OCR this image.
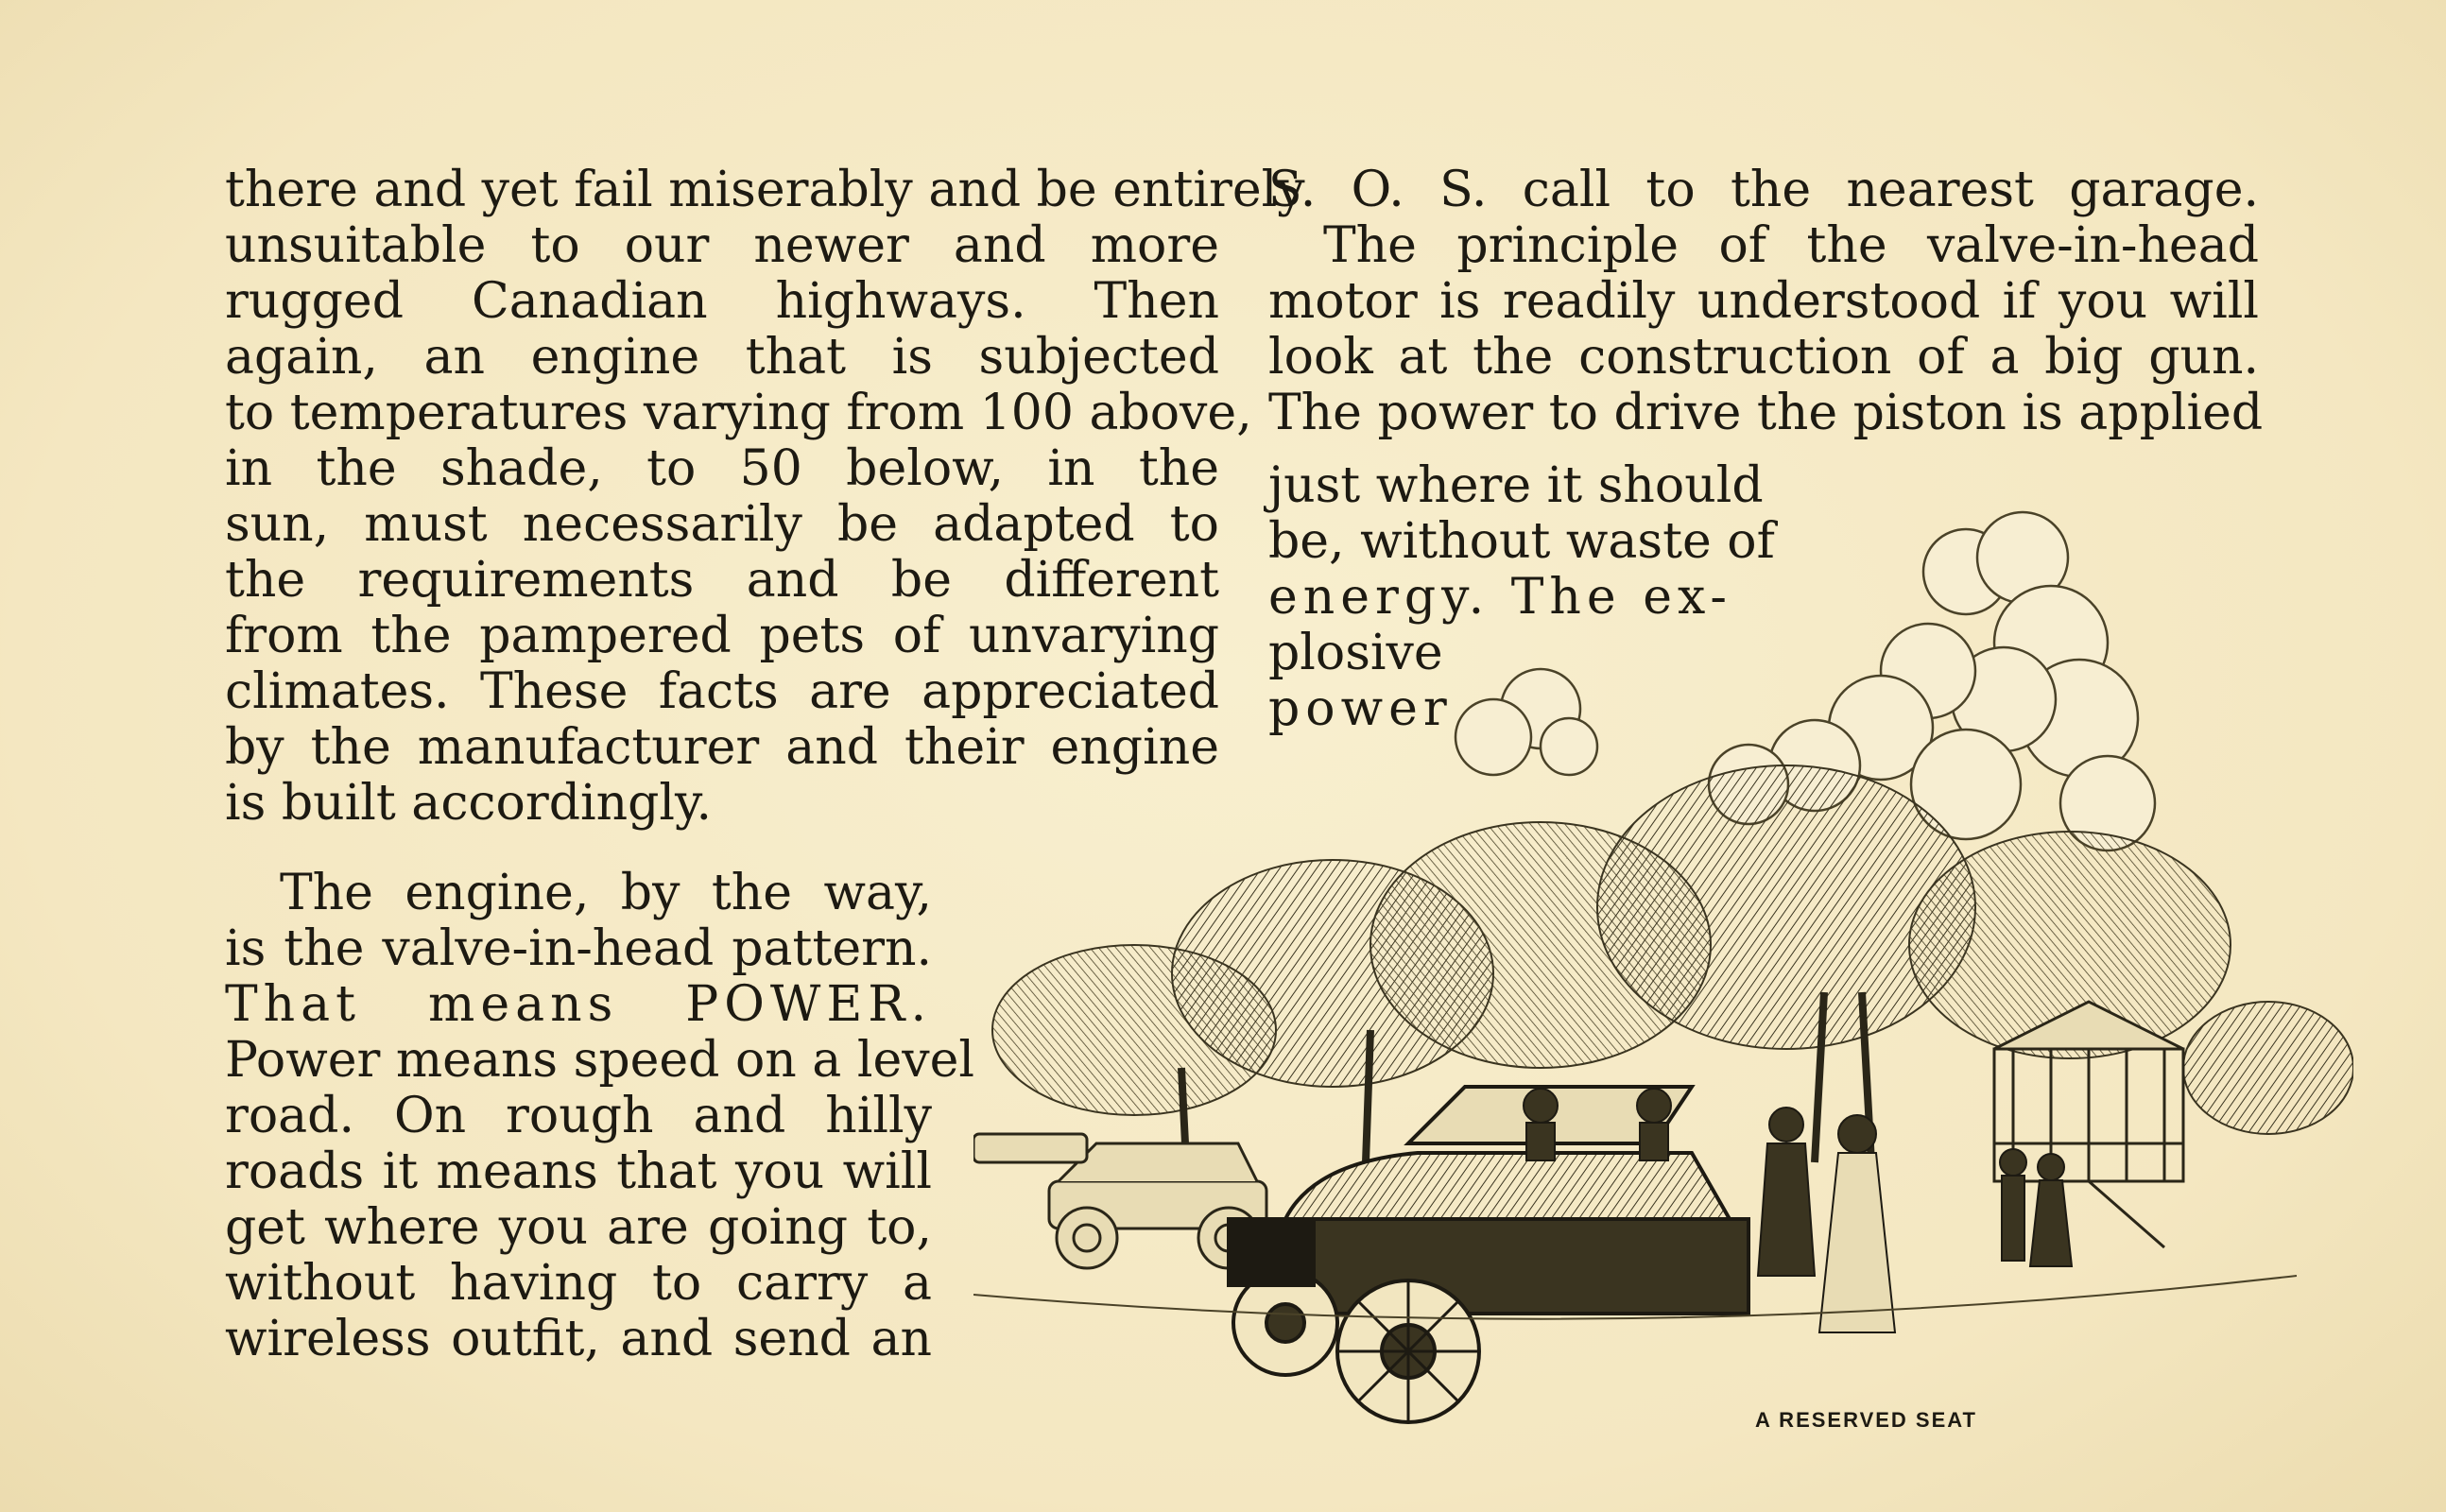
there and yet fail miserably and be entirely
unsuitable to our newer and more
rugged Canadian highways. Then
again, an engine that is subjected
to temperatures varying from 100 above,
in the shade, to 50 below, in the
sun, must necessarily be adapted to
the requirements and be different
from the pampered pets of unvarying
climates. These facts are appreciated
by the manufacturer and their engine
is built accordingly.
The engine, by the way,
is the valve-in-head pattern.
That means POWER.
Power means speed on a level
road. On rough and hilly
roads it means that you will
get where you are going to,
without having to carry a
wireless outfit, and send an
S. O. S. call to the nearest garage.
The principle of the valve-in-head
motor is readily understood if you will
look at the construction of a big gun.
The power to drive the piston is applied
just where it should
be, without waste of
energy. The ex-
plosive
power
A RESERVED SEAT
